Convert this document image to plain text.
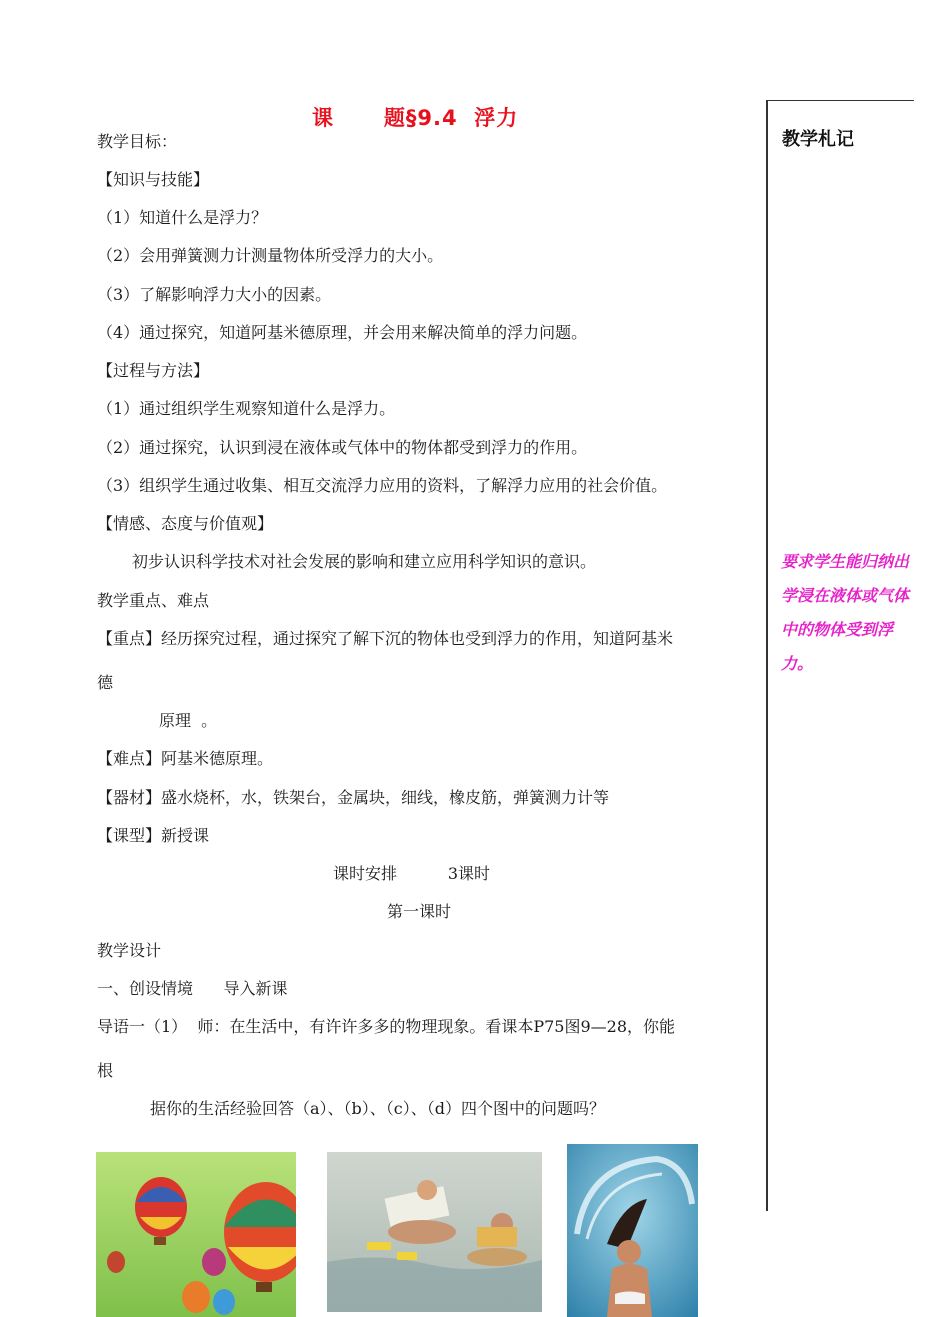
课      题§9.4  浮力
教学札记
要求学生能归纳出学浸在液体或气体中的物体受到浮力。
教学目标：
【知识与技能】
（1）知道什么是浮力？
（2）会用弹簧测力计测量物体所受浮力的大小。
（3）了解影响浮力大小的因素。
（4）通过探究，知道阿基米德原理，并会用来解决简单的浮力问题。
【过程与方法】
（1）通过组织学生观察知道什么是浮力。
（2）通过探究，认识到浸在液体或气体中的物体都受到浮力的作用。
（3）组织学生通过收集、相互交流浮力应用的资料，了解浮力应用的社会价值。
【情感、态度与价值观】
初步认识科学技术对社会发展的影响和建立应用科学知识的意识。
教学重点、难点
【重点】经历探究过程，通过探究了解下沉的物体也受到浮力的作用，知道阿基米
德
原理  。
【难点】阿基米德原理。
【器材】盛水烧杯，水，铁架台，金属块，细线，橡皮筋，弹簧测力计等
【课型】新授课
课时安排          3课时
第一课时
教学设计
一、创设情境      导入新课
导语一（1）  师：在生活中，有许许多多的物理现象。看课本P75图9—28，你能
根
据你的生活经验回答（a）、（b）、（c）、（d）四个图中的问题吗？
